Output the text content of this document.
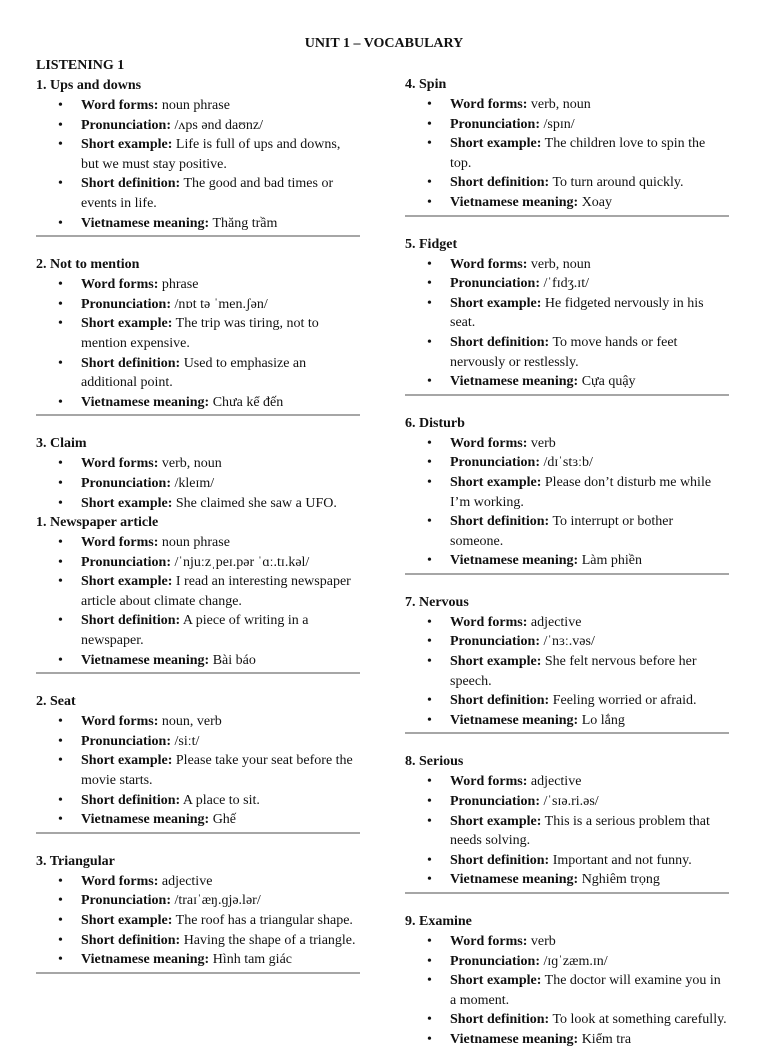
UNIT 1 – VOCABULARY
LISTENING 1
1. Ups and downs
• Word forms: noun phrase
• Pronunciation: /ʌps ənd daʊnz/
• Short example: Life is full of ups and downs, but we must stay positive.
• Short definition: The good and bad times or events in life.
• Vietnamese meaning: Thăng trầm
2. Not to mention
• Word forms: phrase
• Pronunciation: /nɒt tə ˈmen.ʃən/
• Short example: The trip was tiring, not to mention expensive.
• Short definition: Used to emphasize an additional point.
• Vietnamese meaning: Chưa kể đến
3. Claim
• Word forms: verb, noun
• Pronunciation: /kleɪm/
• Short example: She claimed she saw a UFO.
1. Newspaper article
• Word forms: noun phrase
• Pronunciation: /ˈnjuːzˌpeɪ.pər ˈɑː.tɪ.kəl/
• Short example: I read an interesting newspaper article about climate change.
• Short definition: A piece of writing in a newspaper.
• Vietnamese meaning: Bài báo
2. Seat
• Word forms: noun, verb
• Pronunciation: /siːt/
• Short example: Please take your seat before the movie starts.
• Short definition: A place to sit.
• Vietnamese meaning: Ghế
3. Triangular
• Word forms: adjective
• Pronunciation: /traɪˈæŋ.ɡjə.lər/
• Short example: The roof has a triangular shape.
• Short definition: Having the shape of a triangle.
• Vietnamese meaning: Hình tam giác
4. Spin
• Word forms: verb, noun
• Pronunciation: /spɪn/
• Short example: The children love to spin the top.
• Short definition: To turn around quickly.
• Vietnamese meaning: Xoay
5. Fidget
• Word forms: verb, noun
• Pronunciation: /ˈfɪdʒ.ɪt/
• Short example: He fidgeted nervously in his seat.
• Short definition: To move hands or feet nervously or restlessly.
• Vietnamese meaning: Cựa quậy
6. Disturb
• Word forms: verb
• Pronunciation: /dɪˈstɜːb/
• Short example: Please don’t disturb me while I’m working.
• Short definition: To interrupt or bother someone.
• Vietnamese meaning: Làm phiền
7. Nervous
• Word forms: adjective
• Pronunciation: /ˈnɜː.vəs/
• Short example: She felt nervous before her speech.
• Short definition: Feeling worried or afraid.
• Vietnamese meaning: Lo lắng
8. Serious
• Word forms: adjective
• Pronunciation: /ˈsɪə.ri.əs/
• Short example: This is a serious problem that needs solving.
• Short definition: Important and not funny.
• Vietnamese meaning: Nghiêm trọng
9. Examine
• Word forms: verb
• Pronunciation: /ɪɡˈzæm.ɪn/
• Short example: The doctor will examine you in a moment.
• Short definition: To look at something carefully.
• Vietnamese meaning: Kiểm tra
